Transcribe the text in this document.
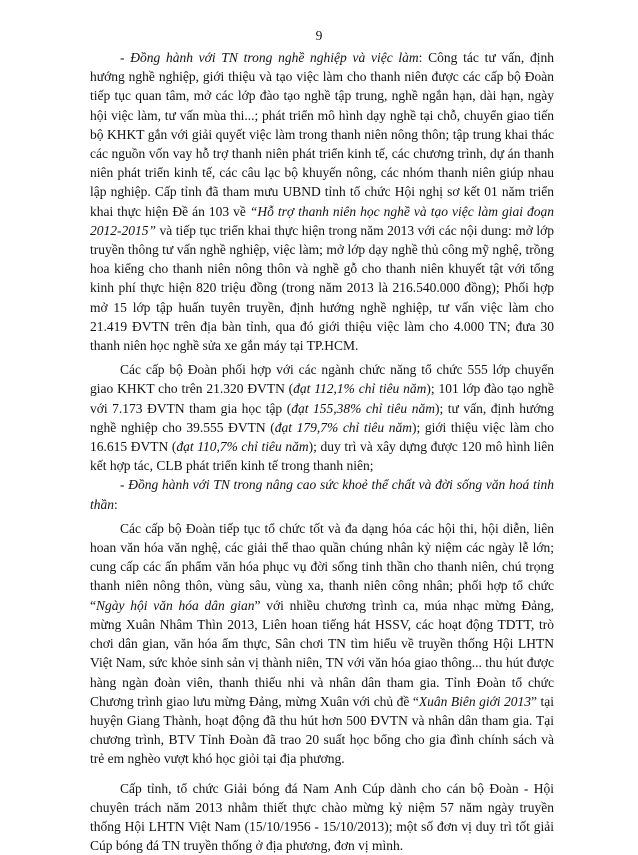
9

- Đồng hành với TN trong nghề nghiệp và việc làm: Công tác tư vấn, định hướng nghề nghiệp, giới thiệu và tạo việc làm cho thanh niên được các cấp bộ Đoàn tiếp tục quan tâm, mở các lớp đào tạo nghề tập trung, nghề ngắn hạn, dài hạn, ngày hội việc làm, tư vấn mùa thi...; phát triển mô hình dạy nghề tại chỗ, chuyển giao tiến bộ KHKT gắn với giải quyết việc làm trong thanh niên nông thôn; tập trung khai thác các nguồn vốn vay hỗ trợ thanh niên phát triển kinh tế, các chương trình, dự án thanh niên phát triển kinh tế, các câu lạc bộ khuyến nông, các nhóm thanh niên giúp nhau lập nghiệp. Cấp tỉnh đã tham mưu UBND tỉnh tổ chức Hội nghị sơ kết 01 năm triển khai thực hiện Đề án 103 về “Hỗ trợ thanh niên học nghề và tạo việc làm giai đoạn 2012-2015” và tiếp tục triển khai thực hiện trong năm 2013 với các nội dung: mở lớp truyền thông tư vấn nghề nghiệp, việc làm; mở lớp dạy nghề thủ công mỹ nghệ, trồng hoa kiểng cho thanh niên nông thôn và nghề gỗ cho thanh niên khuyết tật với tổng kinh phí thực hiện 820 triệu đồng (trong năm 2013 là 216.540.000 đồng); Phối hợp mở 15 lớp tập huấn tuyên truyền, định hướng nghề nghiệp, tư vấn việc làm cho 21.419 ĐVTN trên địa bàn tỉnh, qua đó giới thiệu việc làm cho 4.000 TN; đưa 30 thanh niên học nghề sửa xe gắn máy tại TP.HCM.

Các cấp bộ Đoàn phối hợp với các ngành chức năng tổ chức 555 lớp chuyển giao KHKT cho trên 21.320 ĐVTN (đạt 112,1% chỉ tiêu năm); 101 lớp đào tạo nghề với 7.173 ĐVTN tham gia học tập (đạt 155,38% chỉ tiêu năm); tư vấn, định hướng nghề nghiệp cho 39.555 ĐVTN (đạt 179,7% chỉ tiêu năm); giới thiệu việc làm cho 16.615 ĐVTN (đạt 110,7% chỉ tiêu năm); duy trì và xây dựng được 120 mô hình liên kết hợp tác, CLB phát triển kinh tế trong thanh niên;

- Đồng hành với TN trong nâng cao sức khoẻ thể chất và đời sống văn hoá tinh thần:

Các cấp bộ Đoàn tiếp tục tổ chức tốt và đa dạng hóa các hội thi, hội diễn, liên hoan văn hóa văn nghệ, các giải thể thao quần chúng nhân kỷ niệm các ngày lễ lớn; cung cấp các ấn phẩm văn hóa phục vụ đời sống tinh thần cho thanh niên, chú trọng thanh niên nông thôn, vùng sâu, vùng xa, thanh niên công nhân; phối hợp tổ chức “Ngày hội văn hóa dân gian” với nhiều chương trình ca, múa nhạc mừng Đảng, mừng Xuân Nhâm Thìn 2013, Liên hoan tiếng hát HSSV, các hoạt động TDTT, trò chơi dân gian, văn hóa ẩm thực, Sân chơi TN tìm hiểu về truyền thống Hội LHTN Việt Nam, sức khỏe sinh sản vị thành niên, TN với văn hóa giao thông... thu hút được hàng ngàn đoàn viên, thanh thiếu nhi và nhân dân tham gia. Tỉnh Đoàn tổ chức Chương trình giao lưu mừng Đảng, mừng Xuân với chủ đề “Xuân Biên giới 2013” tại huyện Giang Thành, hoạt động đã thu hút hơn 500 ĐVTN và nhân dân tham gia. Tại chương trình, BTV Tỉnh Đoàn đã trao 20 suất học bổng cho gia đình chính sách và trẻ em nghèo vượt khó học giỏi tại địa phương.

Cấp tỉnh, tổ chức Giải bóng đá Nam Anh Cúp dành cho cán bộ Đoàn - Hội chuyên trách năm 2013 nhằm thiết thực chào mừng kỷ niệm 57 năm ngày truyền thống Hội LHTN Việt Nam (15/10/1956 - 15/10/2013); một số đơn vị duy trì tốt giải Cúp bóng đá TN truyền thống ở địa phương, đơn vị mình.
